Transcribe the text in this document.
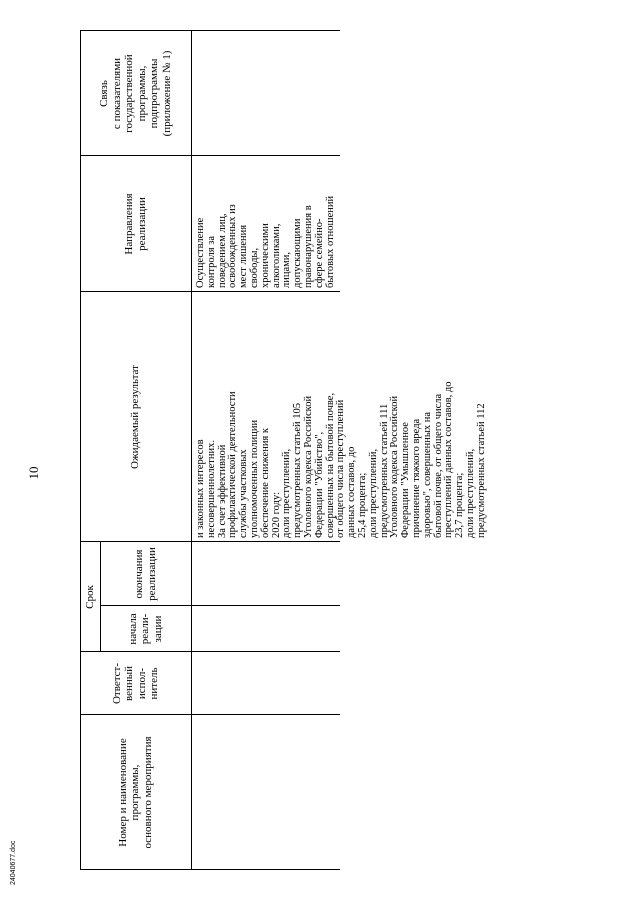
10
Номер и наименование
программы,
основного мероприятия
Ответст-
венный
испол-
нитель
Срок
начала
реали-
зации
окончания
реализации
Ожидаемый результат
Направления
реализации
Связь
с показателями
государственной
программы,
подпрограммы
(приложение № 1)
и законных интересов
несовершеннолетних.
За счет эффективной
профилактической деятельности
службы участковых
уполномоченных полиции
обеспечение снижения к
2020 году:
доли преступлений,
предусмотренных статьей 105
Уголовного кодекса Российской
Федерации "Убийство",
совершенных на бытовой почве,
от общего числа преступлений
данных составов, до
25,4 процента;
доли преступлений,
предусмотренных статьей 111
Уголовного кодекса Российской
Федерации "Умышленное
причинение тяжкого вреда
здоровью", совершенных на
бытовой почве, от общего числа
преступлений данных составов, до
23,7 процента;
доли преступлений,
предусмотренных статьей 112
Осуществление
контроля за
поведением лиц,
освобожденных из
мест лишения
свободы,
хроническими
алкоголиками,
лицами,
допускающими
правонарушения в
сфере семейно-
бытовых отношений
24040677.doc
